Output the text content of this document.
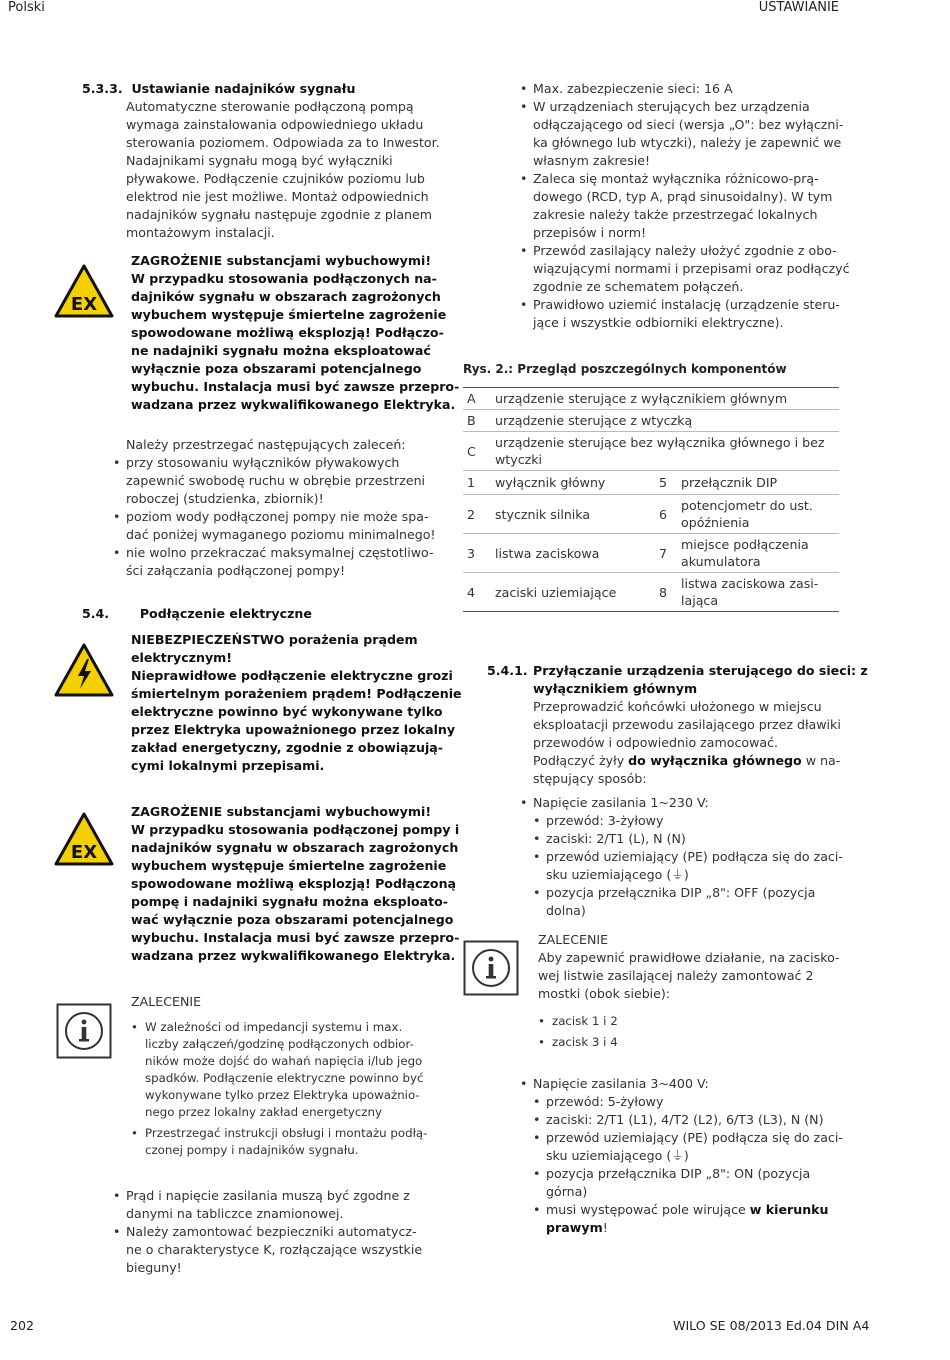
Polski	USTAWIANIE
5.3.3. Ustawianie nadajników sygnału
Automatyczne sterowanie podłączoną pompą
wymaga zainstalowania odpowiedniego układu
sterowania poziomem. Odpowiada za to Inwestor.
Nadajnikami sygnału mogą być wyłączniki
pływakowe. Podłączenie czujników poziomu lub
elektrod nie jest możliwe. Montaż odpowiednich
nadajników sygnału następuje zgodnie z planem
montażowym instalacji.
EX
ZAGROŻENIE substancjami wybuchowymi!
W przypadku stosowania podłączonych na-
dajników sygnału w obszarach zagrożonych
wybuchem występuje śmiertelne zagrożenie
spowodowane możliwą eksplozją! Podłączo-
ne nadajniki sygnału można eksploatować
wyłącznie poza obszarami potencjalnego
wybuchu. Instalacja musi być zawsze przepro-
wadzana przez wykwalifikowanego Elektryka.
Należy przestrzegać następujących zaleceń:
• przy stosowaniu wyłączników pływakowych
zapewnić swobodę ruchu w obrębie przestrzeni
roboczej (studzienka, zbiornik)!
• poziom wody podłączonej pompy nie może spa-
dać poniżej wymaganego poziomu minimalnego!
• nie wolno przekraczać maksymalnej częstotliwo-
ści załączania podłączonej pompy!
5.4. Podłączenie elektryczne
NIEBEZPIECZEŃSTWO porażenia prądem
elektrycznym!
Nieprawidłowe podłączenie elektryczne grozi
śmiertelnym porażeniem prądem! Podłączenie
elektryczne powinno być wykonywane tylko
przez Elektryka upoważnionego przez lokalny
zakład energetyczny, zgodnie z obowiązują-
cymi lokalnymi przepisami.
EX
ZAGROŻENIE substancjami wybuchowymi!
W przypadku stosowania podłączonej pompy i
nadajników sygnału w obszarach zagrożonych
wybuchem występuje śmiertelne zagrożenie
spowodowane możliwą eksplozją! Podłączoną
pompę i nadajniki sygnału można eksploato-
wać wyłącznie poza obszarami potencjalnego
wybuchu. Instalacja musi być zawsze przepro-
wadzana przez wykwalifikowanego Elektryka.
ZALECENIE
• W zależności od impedancji systemu i max.
liczby załączeń/godzinę podłączonych odbior-
ników może dojść do wahań napięcia i/lub jego
spadków. Podłączenie elektryczne powinno być
wykonywane tylko przez Elektryka upoważnio-
nego przez lokalny zakład energetyczny
• Przestrzegać instrukcji obsługi i montażu podłą-
czonej pompy i nadajników sygnału.
• Prąd i napięcie zasilania muszą być zgodne z
danymi na tabliczce znamionowej.
• Należy zamontować bezpieczniki automatycz-
ne o charakterystyce K, rozłączające wszystkie
bieguny!
• Max. zabezpieczenie sieci: 16 A
• W urządzeniach sterujących bez urządzenia
odłączającego od sieci (wersja „O": bez wyłączni-
ka głównego lub wtyczki), należy je zapewnić we
własnym zakresie!
• Zaleca się montaż wyłącznika różnicowo-prą-
dowego (RCD, typ A, prąd sinusoidalny). W tym
zakresie należy także przestrzegać lokalnych
przepisów i norm!
• Przewód zasilający należy ułożyć zgodnie z obo-
wiązującymi normami i przepisami oraz podłączyć
zgodnie ze schematem połączeń.
• Prawidłowo uziemić instalację (urządzenie steru-
jące i wszystkie odbiorniki elektryczne).
Rys. 2.: Przegląd poszczególnych komponentów
A	urządzenie sterujące z wyłącznikiem głównym		
B	urządzenie sterujące z wtyczką		
C	urządzenie sterujące bez wyłącznika głównego i bez wtyczki		
1	wyłącznik główny	5	przełącznik DIP
2	stycznik silnika	6	potencjometr do ust. opóźnienia
3	listwa zaciskowa	7	miejsce podłączenia akumulatora
4	zaciski uziemiające	8	listwa zaciskowa zasi-lająca
5.4.1. Przyłączanie urządzenia sterującego do sieci: z
wyłącznikiem głównym
Przeprowadzić końcówki ułożonego w miejscu
eksploatacji przewodu zasilającego przez dławiki
przewodów i odpowiednio zamocować.
Podłączyć żyły do wyłącznika głównego w na-
stępujący sposób:
• Napięcie zasilania 1~230 V:
• przewód: 3-żyłowy
• zaciski: 2/T1 (L), N (N)
• przewód uziemiający (PE) podłącza się do zaci-
sku uziemiającego (⏚)
• pozycja przełącznika DIP „8": OFF (pozycja
dolna)
ZALECENIE
Aby zapewnić prawidłowe działanie, na zacisko-
wej listwie zasilającej należy zamontować 2
mostki (obok siebie):
• zacisk 1 i 2
• zacisk 3 i 4
• Napięcie zasilania 3~400 V:
• przewód: 5-żyłowy
• zaciski: 2/T1 (L1), 4/T2 (L2), 6/T3 (L3), N (N)
• przewód uziemiający (PE) podłącza się do zaci-
sku uziemiającego (⏚)
• pozycja przełącznika DIP „8": ON (pozycja
górna)
• musi występować pole wirujące w kierunku
prawym!
202	WILO SE 08/2013 Ed.04 DIN A4
